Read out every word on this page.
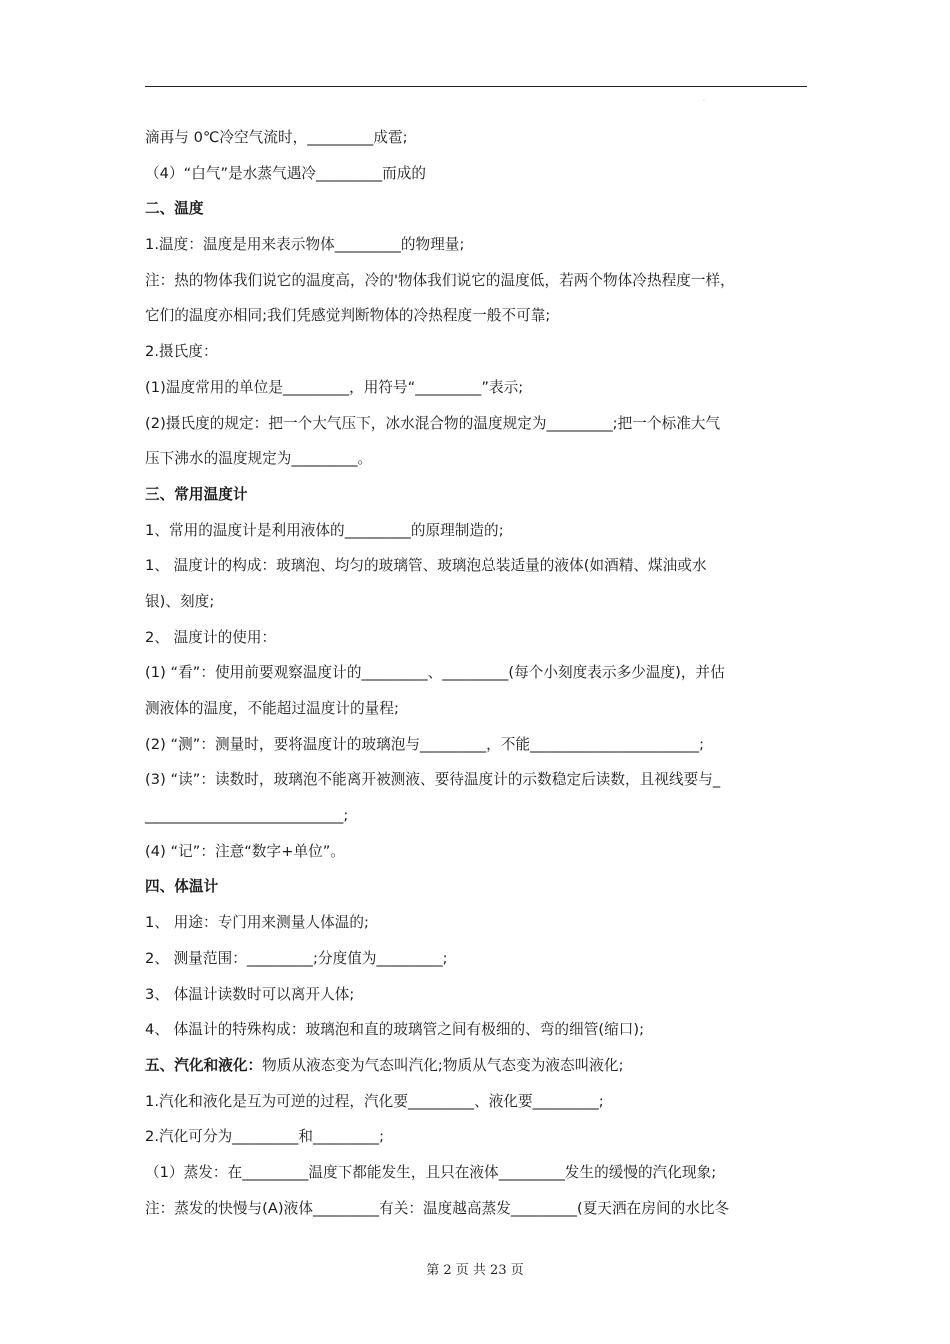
.
滴再与 0℃冷空气流时，_________成雹;
（4）“白气”是水蒸气遇冷_________而成的
二、温度
1.温度：温度是用来表示物体_________的物理量;
注：热的物体我们说它的温度高，冷的'物体我们说它的温度低，若两个物体冷热程度一样，
它们的温度亦相同;我们凭感觉判断物体的冷热程度一般不可靠;
2.摄氏度：
(1)温度常用的单位是_________，用符号“_________”表示;
(2)摄氏度的规定：把一个大气压下，冰水混合物的温度规定为_________;把一个标准大气
压下沸水的温度规定为_________。
三、常用温度计
1、常用的温度计是利用液体的_________的原理制造的;
1、 温度计的构成：玻璃泡、均匀的玻璃管、玻璃泡总装适量的液体(如酒精、煤油或水
银)、刻度;
2、 温度计的使用：
(1) “看”：使用前要观察温度计的_________、_________(每个小刻度表示多少温度)，并估
测液体的温度，不能超过温度计的量程;
(2) “测”：测量时，要将温度计的玻璃泡与_________，不能_______________________;
(3) “读”：读数时，玻璃泡不能离开被测液、要待温度计的示数稳定后读数，且视线要与_
___________________________;
(4) “记”：注意“数字+单位”。
四、体温计
1、 用途：专门用来测量人体温的;
2、 测量范围：_________;分度值为_________;
3、 体温计读数时可以离开人体;
4、 体温计的特殊构成：玻璃泡和直的玻璃管之间有极细的、弯的细管(缩口);
五、汽化和液化：物质从液态变为气态叫汽化;物质从气态变为液态叫液化;
1.汽化和液化是互为可逆的过程，汽化要_________、液化要_________;
2.汽化可分为_________和_________;
（1）蒸发：在_________温度下都能发生，且只在液体_________发生的缓慢的汽化现象;
注：蒸发的快慢与(A)液体_________有关：温度越高蒸发_________(夏天洒在房间的水比冬
第 2 页 共 23 页
